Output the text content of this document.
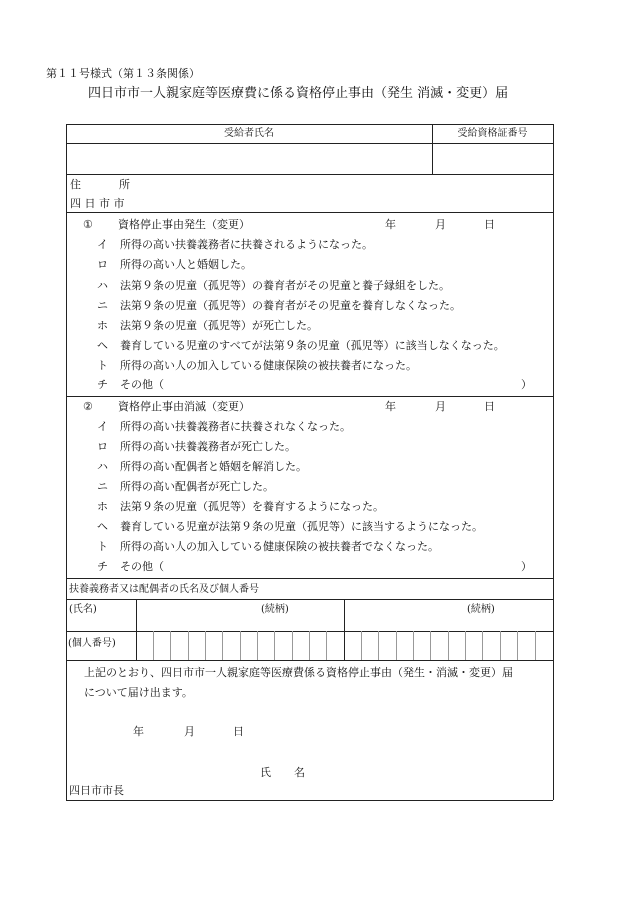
第１１号様式（第１３条関係）
四日市市一人親家庭等医療費に係る資格停止事由（発生 消滅・変更）届
受給者氏名	受給資格証番号
住	所
四 日 市 市
① 資格停止事由発生（変更）	年	月	日
イ 所得の高い扶養義務者に扶養されるようになった。
ロ 所得の高い人と婚姻した。
ハ 法第９条の児童（孤児等）の養育者がその児童と養子縁組をした。
ニ 法第９条の児童（孤児等）の養育者がその児童を養育しなくなった。
ホ 法第９条の児童（孤児等）が死亡した。
ヘ 養育している児童のすべてが法第９条の児童（孤児等）に該当しなくなった。
ト 所得の高い人の加入している健康保険の被扶養者になった。
チ その他（	）
② 資格停止事由消滅（変更）	年	月	日
イ 所得の高い扶養義務者に扶養されなくなった。
ロ 所得の高い扶養義務者が死亡した。
ハ 所得の高い配偶者と婚姻を解消した。
ニ 所得の高い配偶者が死亡した。
ホ 法第９条の児童（孤児等）を養育するようになった。
ヘ 養育している児童が法第９条の児童（孤児等）に該当するようになった。
ト 所得の高い人の加入している健康保険の被扶養者でなくなった。
チ その他（	）
扶養義務者又は配偶者の氏名及び個人番号
(氏名)	(続柄)	(続柄)
(個人番号)
上記のとおり、四日市市一人親家庭等医療費係る資格停止事由（発生・消滅・変更）届
について届け出ます。
年	月	日
氏 名
四日市市長
